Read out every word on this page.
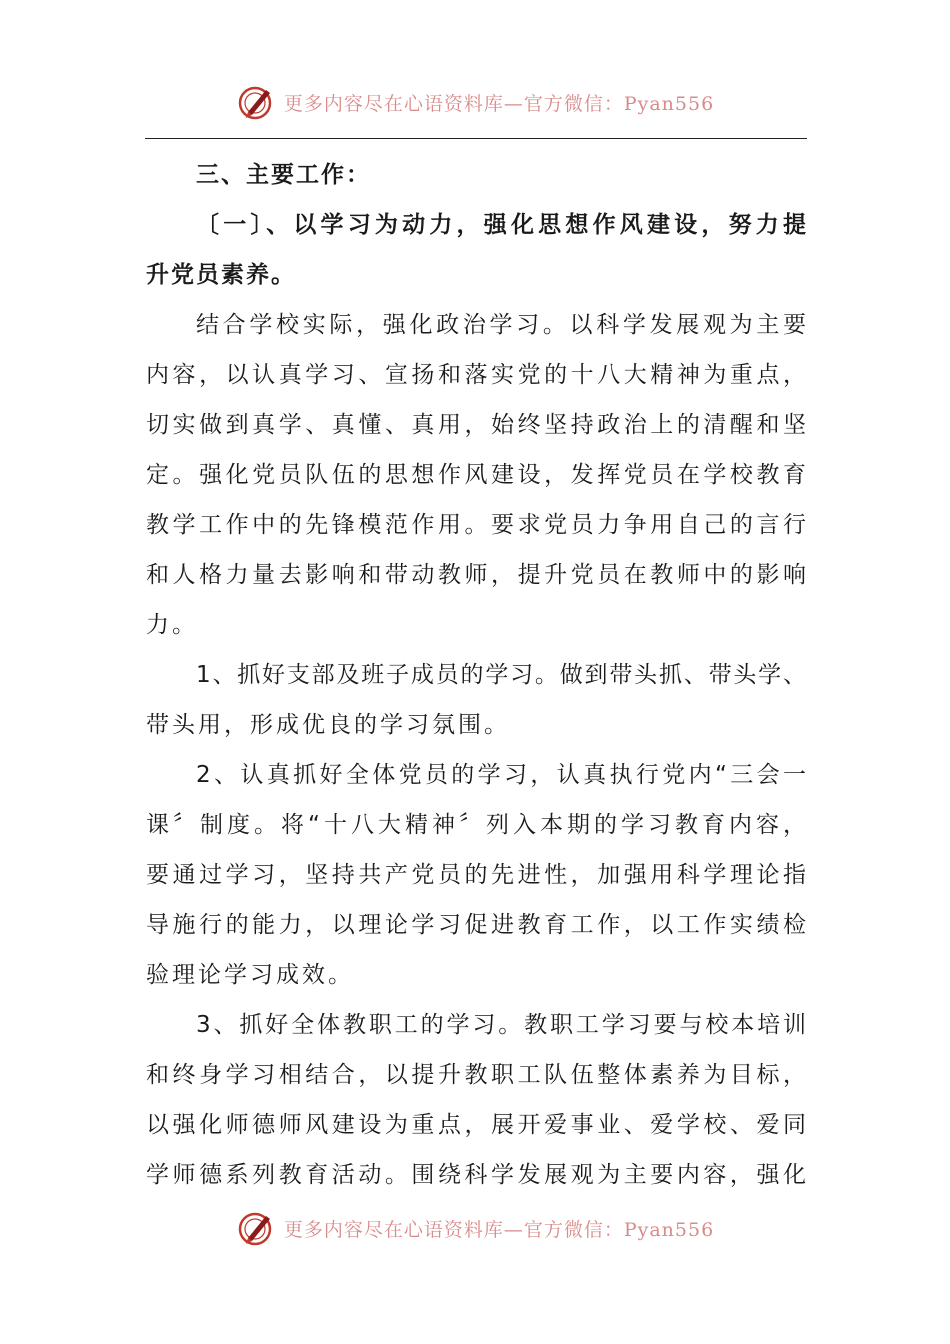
更多内容尽在心语资料库—官方微信：Pyan556
三、主要工作：
〔一〕、以学习为动力，强化思想作风建设，努力提
升党员素养。
结合学校实际，强化政治学习。以科学发展观为主要
内容，以认真学习、宣扬和落实党的十八大精神为重点，
切实做到真学、真懂、真用，始终坚持政治上的清醒和坚
定。强化党员队伍的思想作风建设，发挥党员在学校教育
教学工作中的先锋模范作用。要求党员力争用自己的言行
和人格力量去影响和带动教师，提升党员在教师中的影响
力。
1、抓好支部及班子成员的学习。做到带头抓、带头学、
带头用，形成优良的学习氛围。
2、认真抓好全体党员的学习，认真执行党内“三会一
课〞制度。将“十八大精神〞列入本期的学习教育内容，
要通过学习，坚持共产党员的先进性，加强用科学理论指
导施行的能力，以理论学习促进教育工作，以工作实绩检
验理论学习成效。
3、抓好全体教职工的学习。教职工学习要与校本培训
和终身学习相结合，以提升教职工队伍整体素养为目标，
以强化师德师风建设为重点，展开爱事业、爱学校、爱同
学师德系列教育活动。围绕科学发展观为主要内容，强化
更多内容尽在心语资料库—官方微信：Pyan556
